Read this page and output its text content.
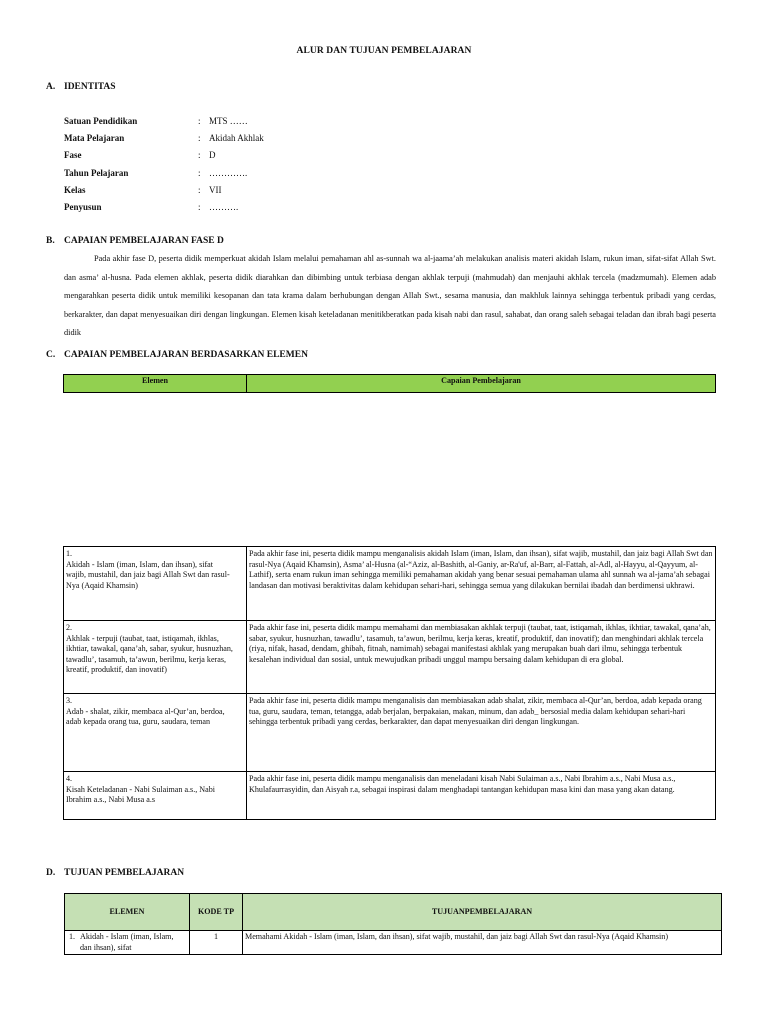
ALUR DAN TUJUAN PEMBELAJARAN
A. IDENTITAS
Satuan Pendidikan	: MTS ……
Mata Pelajaran	: Akidah Akhlak
Fase	: D
Tahun Pelajaran	: ………….
Kelas	: VII
Penyusun	: ……….
B. CAPAIAN PEMBELAJARAN FASE D
Pada akhir fase D, peserta didik memperkuat akidah Islam melalui pemahaman ahl as-sunnah wa al-jaama’ah melakukan analisis materi akidah Islam, rukun iman, sifat-sifat Allah Swt. dan asma’ al-husna. Pada elemen akhlak, peserta didik diarahkan dan dibimbing untuk terbiasa dengan akhlak terpuji (mahmudah) dan menjauhi akhlak tercela (madzmumah). Elemen adab mengarahkan peserta didik untuk memiliki kesopanan dan tata krama dalam berhubungan dengan Allah Swt., sesama manusia, dan makhluk lainnya sehingga terbentuk pribadi yang cerdas, berkarakter, dan dapat menyesuaikan diri dengan lingkungan. Elemen kisah keteladanan menitikberatkan pada kisah nabi dan rasul, sahabat, dan orang saleh sebagai teladan dan ibrah bagi peserta didik
C. CAPAIAN PEMBELAJARAN BERDASARKAN ELEMEN
Elemen	Capaian Pembelajaran
1.Akidah - Islam (iman, Islam, dan ihsan), sifat wajib, mustahil, dan jaiz bagi Allah Swt dan rasul-Nya (Aqaid Khamsin)	Pada akhir fase ini, peserta didik mampu menganalisis akidah Islam (iman, Islam, dan ihsan), sifat wajib, mustahil, dan jaiz bagi Allah Swt dan rasul-Nya (Aqaid Khamsin), Asma’ al-Husna (al-“Aziz, al-Bashith, al-Ganiy, ar-Ra'uf, al-Barr, al-Fattah, al-Adl, al-Hayyu, al-Qayyum, al-Lathif), serta enam rukun iman sehingga memiliki pemahaman akidah yang benar sesuai pemahaman ulama ahl sunnah wa al-jama’ah sebagai landasan dan motivasi beraktivitas dalam kehidupan sehari-hari, sehingga semua yang dilakukan bernilai ibadah dan berdimensi ukhrawi.
2.Akhlak - terpuji (taubat, taat, istiqamah, ikhlas, ikhtiar, tawakal, qana’ah, sabar, syukur, husnuzhan, tawadlu’, tasamuh, ta’awun, berilmu, kerja keras, kreatif, produktif, dan inovatif)	Pada akhir fase ini, peserta didik mampu memahami dan membiasakan akhlak terpuji (taubat, taat, istiqamah, ikhlas, ikhtiar, tawakal, qana’ah, sabar, syukur, husnuzhan, tawadlu’, tasamuh, ta’awun, berilmu, kerja keras, kreatif, produktif, dan inovatif); dan menghindari akhlak tercela (riya, nifak, hasad, dendam, ghibah, fitnah, namimah) sebagai manifestasi akhlak yang merupakan buah dari ilmu, sehingga terbentuk kesalehan individual dan sosial, untuk mewujudkan pribadi unggul mampu bersaing dalam kehidupan di era global.
3.Adab - shalat, zikir, membaca al-Qur’an, berdoa, adab kepada orang tua, guru, saudara, teman	Pada akhir fase ini, peserta didik mampu menganalisis dan membiasakan adab shalat, zikir, membaca al-Qur’an, berdoa, adab kepada orang tua, guru, saudara, teman, tetangga, adab berjalan, berpakaian, makan, minum, dan adab_ bersosial media dalam kehidupan sehari-hari sehingga terbentuk pribadi yang cerdas, berkarakter, dan dapat menyesuaikan diri dengan lingkungan.
4.Kisah Keteladanan - Nabi Sulaiman a.s., Nabi Ibrahim a.s., Nabi Musa a.s	Pada akhir fase ini, peserta didik mampu menganalisis dan meneladani kisah Nabi Sulaiman a.s., Nabi Ibrahim a.s., Nabi Musa a.s., Khulafaurrasyidin, dan Aisyah r.a, sebagai inspirasi dalam menghadapi tantangan kehidupan masa kini dan masa yang akan datang.
D. TUJUAN PEMBELAJARAN
ELEMEN	KODE TP	TUJUANPEMBELAJARAN
1. Akidah - Islam (iman, Islam, dan ihsan), sifat	1	Memahami Akidah - Islam (iman, Islam, dan ihsan), sifat wajib, mustahil, dan jaiz bagi Allah Swt dan rasul-Nya (Aqaid Khamsin)
